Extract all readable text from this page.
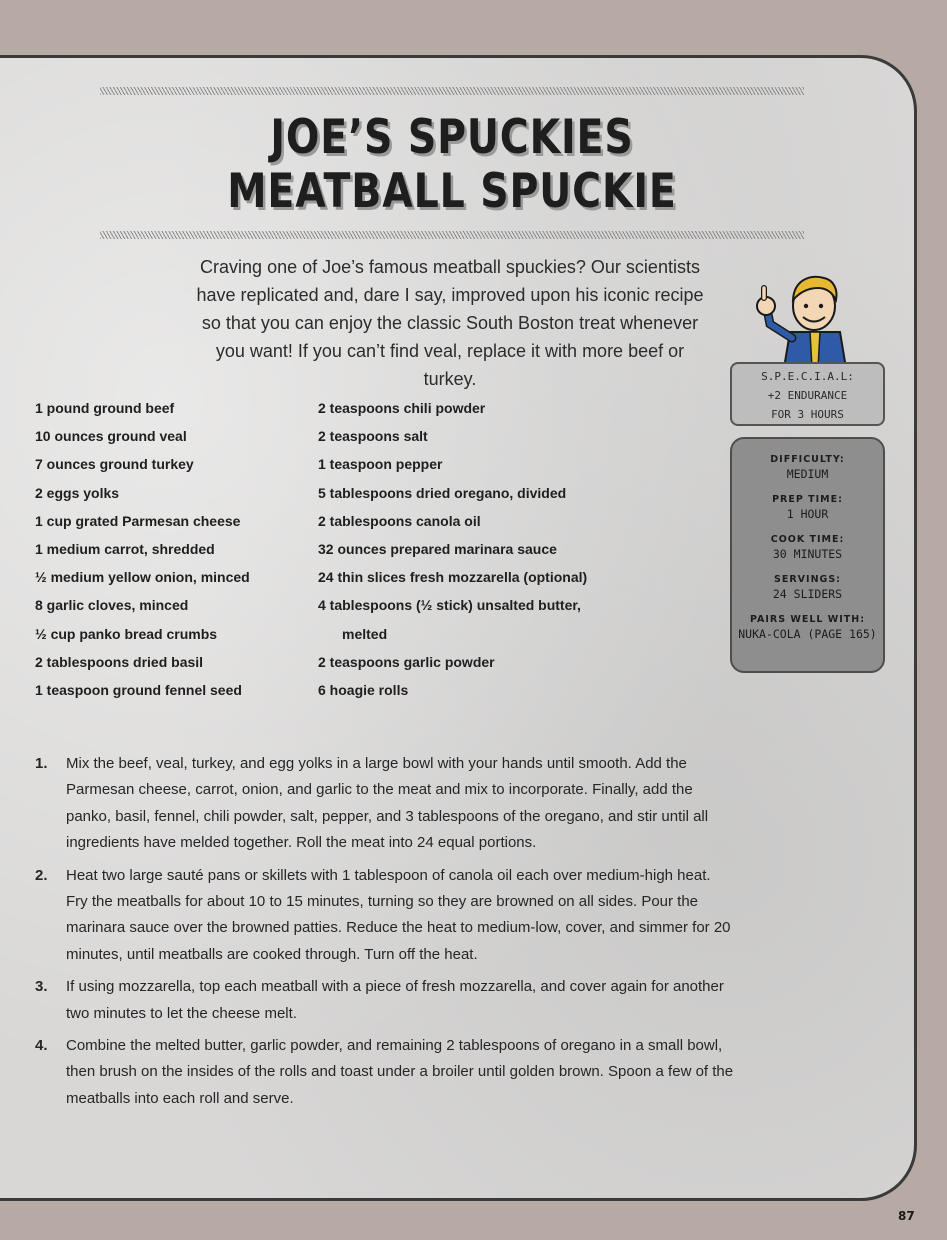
JOE’S SPUCKIES
MEATBALL SPUCKIE

Craving one of Joe’s famous meatball spuckies? Our scientists have replicated and, dare I say, improved upon his iconic recipe so that you can enjoy the classic South Boston treat whenever you want! If you can’t find veal, replace it with more beef or turkey.

1 pound ground beef
10 ounces ground veal
7 ounces ground turkey
2 eggs yolks
1 cup grated Parmesan cheese
1 medium carrot, shredded
½ medium yellow onion, minced
8 garlic cloves, minced
½ cup panko bread crumbs
2 tablespoons dried basil
1 teaspoon ground fennel seed
2 teaspoons chili powder
2 teaspoons salt
1 teaspoon pepper
5 tablespoons dried oregano, divided
2 tablespoons canola oil
32 ounces prepared marinara sauce
24 thin slices fresh mozzarella (optional)
4 tablespoons (½ stick) unsalted butter,
melted
2 teaspoons garlic powder
6 hoagie rolls
S.P.E.C.I.A.L:
+2 ENDURANCE
FOR 3 HOURS
DIFFICULTY:
MEDIUM
PREP TIME:
1 HOUR
COOK TIME:
30 MINUTES
SERVINGS:
24 SLIDERS
PAIRS WELL WITH:
NUKA-COLA (PAGE 165)
1.	Mix the beef, veal, turkey, and egg yolks in a large bowl with your hands until smooth. Add the Parmesan cheese, carrot, onion, and garlic to the meat and mix to incorporate. Finally, add the panko, basil, fennel, chili powder, salt, pepper, and 3 tablespoons of the oregano, and stir until all ingredients have melded together. Roll the meat into 24 equal portions.
2.	Heat two large sauté pans or skillets with 1 tablespoon of canola oil each over medium-high heat. Fry the meatballs for about 10 to 15 minutes, turning so they are browned on all sides. Pour the marinara sauce over the browned patties. Reduce the heat to medium-low, cover, and simmer for 20 minutes, until meatballs are cooked through. Turn off the heat.
3.	If using mozzarella, top each meatball with a piece of fresh mozzarella, and cover again for another two minutes to let the cheese melt.
4.	Combine the melted butter, garlic powder, and remaining 2 tablespoons of oregano in a small bowl, then brush on the insides of the rolls and toast under a broiler until golden brown. Spoon a few of the meatballs into each roll and serve.
87
